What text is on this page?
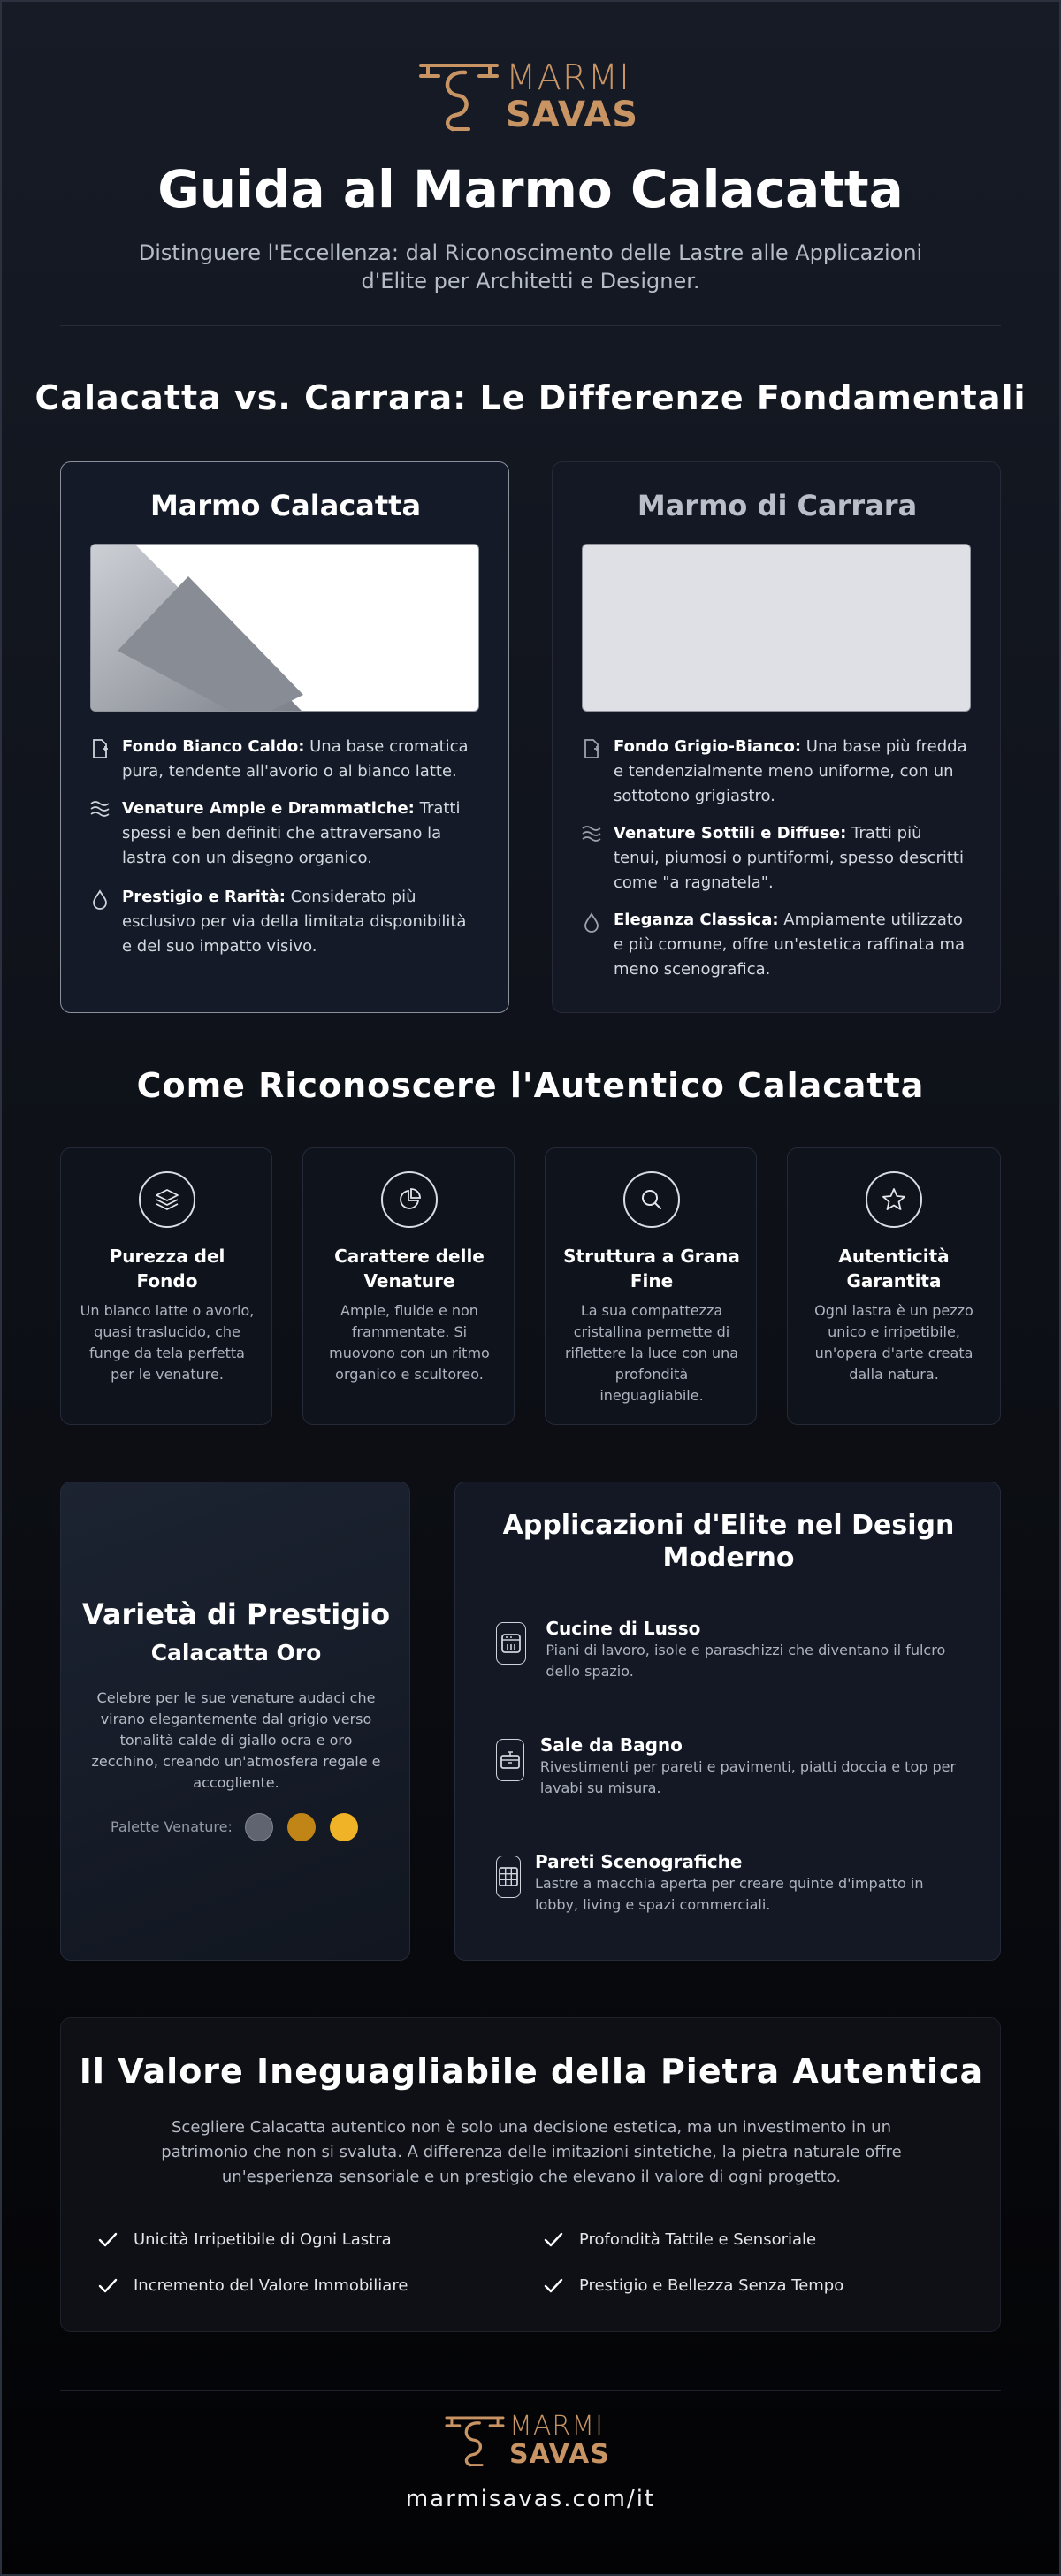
MARMI
SAVAS
Guida al Marmo Calacatta
Distinguere l'Eccellenza: dal Riconoscimento delle Lastre alle Applicazioni d'Elite per Architetti e Designer.
Calacatta vs. Carrara: Le Differenze Fondamentali
Marmo Calacatta

Fondo Bianco Caldo: Una base cromatica pura, tendente all'avorio o al bianco latte.

Venature Ampie e Drammatiche: Tratti spessi e ben definiti che attraversano la lastra con un disegno organico.

Prestigio e Rarità: Considerato più esclusivo per via della limitata disponibilità e del suo impatto visivo.

Marmo di Carrara

Fondo Grigio-Bianco: Una base più fredda e tendenzialmente meno uniforme, con un sottotono grigiastro.

Venature Sottili e Diffuse: Tratti più tenui, piumosi o puntiformi, spesso descritti come "a ragnatela".

Eleganza Classica: Ampiamente utilizzato e più comune, offre un'estetica raffinata ma meno scenografica.

Come Riconoscere l'Autentico Calacatta
Purezza del Fondo

Un bianco latte o avorio, quasi traslucido, che funge da tela perfetta per le venature.

Carattere delle Venature

Ample, fluide e non frammentate. Si muovono con un ritmo organico e scultoreo.

Struttura a Grana Fine

La sua compattezza cristallina permette di riflettere la luce con una profondità ineguagliabile.

Autenticità Garantita

Ogni lastra è un pezzo unico e irripetibile, un'opera d'arte creata dalla natura.

Varietà di Prestigio
Calacatta Oro
Celebre per le sue venature audaci che virano elegantemente dal grigio verso tonalità calde di giallo ocra e oro zecchino, creando un'atmosfera regale e accogliente.
Palette Venature:
Applicazioni d'Elite nel Design Moderno
Cucine di Lusso

Piani di lavoro, isole e paraschizzi che diventano il fulcro dello spazio.

Sale da Bagno

Rivestimenti per pareti e pavimenti, piatti doccia e top per lavabi su misura.

Pareti Scenografiche

Lastre a macchia aperta per creare quinte d'impatto in lobby, living e spazi commerciali.

Il Valore Ineguagliabile della Pietra Autentica
Scegliere Calacatta autentico non è solo una decisione estetica, ma un investimento in un patrimonio che non si svaluta. A differenza delle imitazioni sintetiche, la pietra naturale offre un'esperienza sensoriale e un prestigio che elevano il valore di ogni progetto.
Unicità Irripetibile di Ogni Lastra	Profondità Tattile e Sensoriale
Incremento del Valore Immobiliare	Prestigio e Bellezza Senza Tempo
MARMI
SAVAS
marmisavas.com/it
